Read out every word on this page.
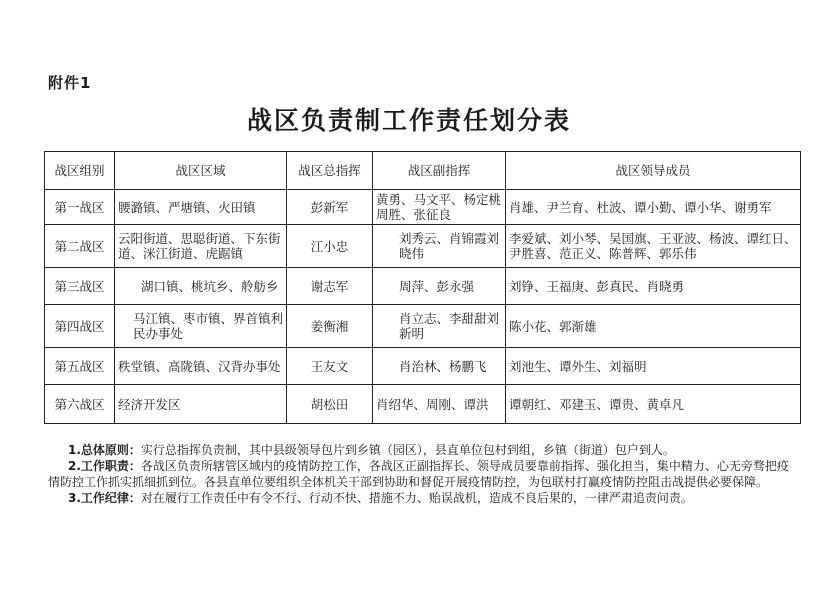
附件1
战区负责制工作责任划分表
战区组别	战区区域	战区总指挥	战区副指挥	战区领导成员
第一战区	腰潞镇、严塘镇、火田镇	彭新军	黄勇、马文平、杨定桃周胜、张征良	肖雄、尹兰育、杜波、谭小勤、谭小华、谢勇军
第二战区	云阳街道、思聪街道、下东街道、洣江街道、虎踞镇	江小忠	刘秀云、肖锦霞刘晓伟	李爱斌、刘小琴、吴国旗、王亚波、杨波、谭红日、尹胜喜、范正义、陈普辉、郭乐伟
第三战区	湖口镇、桃坑乡、舲舫乡	谢志军	周萍、彭永强	刘铮、王福庚、彭真民、肖晓勇
第四战区	马江镇、枣市镇、界首镇利民办事处	姜衡湘	肖立志、李甜甜刘新明	陈小花、郭渐雄
第五战区	秩堂镇、高陇镇、汉背办事处	王友文	肖治林、杨鹏飞	刘池生、谭外生、刘福明
第六战区	经济开发区	胡松田	肖绍华、周刚、谭洪	谭朝红、邓建玉、谭贵、黄卓凡

1.总体原则：实行总指挥负责制，其中县级领导包片到乡镇（园区），县直单位包村到组，乡镇（街道）包户到人。

2.工作职责：各战区负责所辖管区域内的疫情防控工作，各战区正副指挥长、领导成员要靠前指挥、强化担当，集中精力、心无旁骛把疫情防控工作抓实抓细抓到位。各县直单位要组织全体机关干部到协助和督促开展疫情防控，为包联村打赢疫情防控阻击战提供必要保障。

3.工作纪律：对在履行工作责任中有令不行、行动不快、措施不力、贻误战机，造成不良后果的，一律严肃追责问责。
